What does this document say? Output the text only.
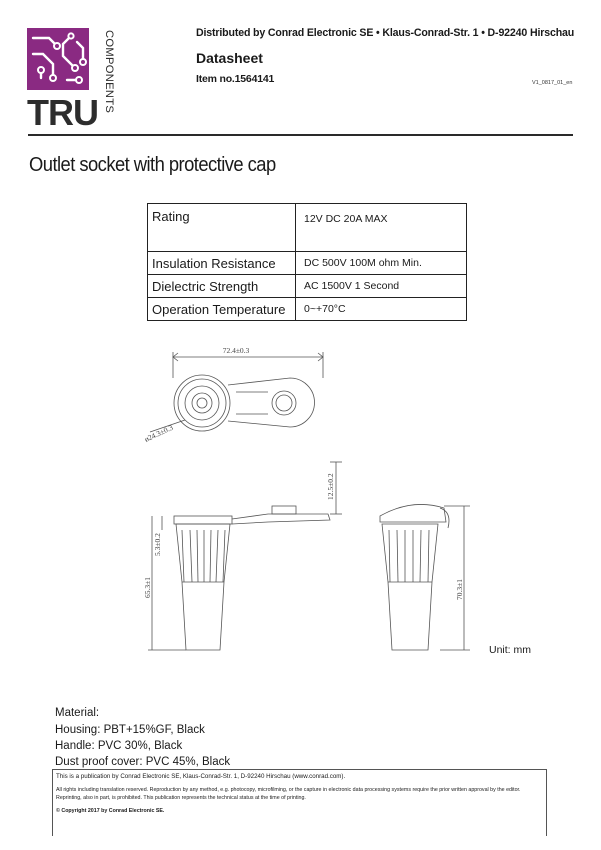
TRU COMPONENTS	Distributed by Conrad Electronic SE • Klaus-Conrad-Str. 1 • D-92240 Hirschau
Datasheet
Item no.1564141	V1_0817_01_en
Outlet socket with protective cap
Rating	12V DC 20A MAX
Insulation Resistance	DC 500V 100M ohm Min.
Dielectric Strength	AC 1500V 1 Second
Operation Temperature	0~+70°C
72.4±0.3
ø24.3±0.3
12.5±0.2
5.3±0.2
65.3±1	70.3±1
Unit: mm
Material:
Housing: PBT+15%GF, Black
Handle: PVC 30%, Black
Dust proof cover: PVC 45%, Black
This is a publication by Conrad Electronic SE, Klaus-Conrad-Str. 1, D-92240 Hirschau (www.conrad.com).
All rights including translation reserved. Reproduction by any method, e.g. photocopy, microfilming, or the capture in electronic data processing systems require the prior written approval by the editor. Reprinting, also in part, is prohibited. This publication represents the technical status at the time of printing.
© Copyright 2017 by Conrad Electronic SE.
